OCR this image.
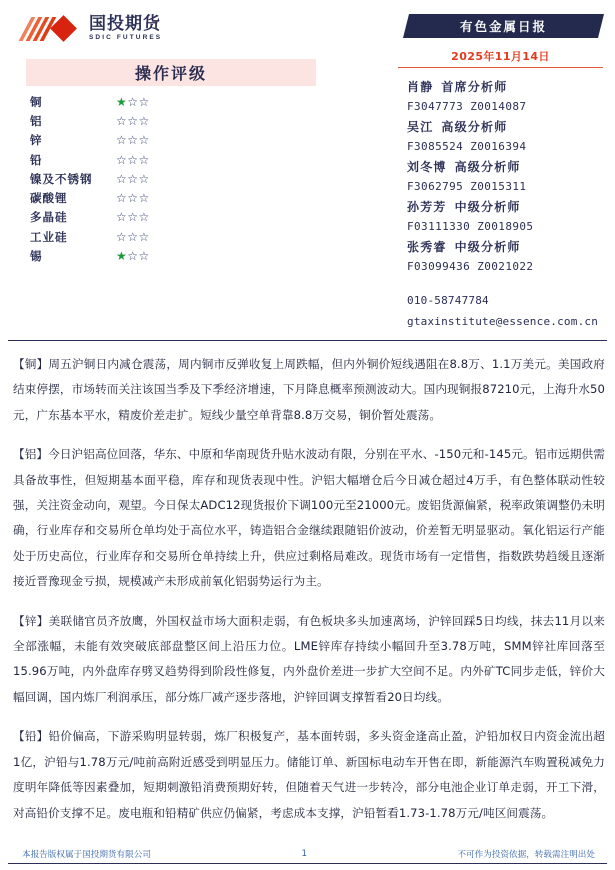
国投期货
SDIC FUTURES
操作评级
铜	★☆☆
铝	☆☆☆
锌	☆☆☆
铅	☆☆☆
镍及不锈钢	☆☆☆
碳酸锂	☆☆☆
多晶硅	☆☆☆
工业硅	☆☆☆
锡	★☆☆
有色金属日报
2025年11月14日
肖静 首席分析师
F3047773 Z0014087
吴江 高级分析师
F3085524 Z0016394
刘冬博 高级分析师
F3062795 Z0015311
孙芳芳 中级分析师
F03111330 Z0018905
张秀睿 中级分析师
F03099436 Z0021022
010-58747784
gtaxinstitute@essence.com.cn

【铜】周五沪铜日内减仓震荡，周内铜市反弹收复上周跌幅，但内外铜价短线遇阻在8.8万、1.1万美元。美国政府结束停摆，市场转而关注该国当季及下季经济增速，下月降息概率预测波动大。国内现铜报87210元，上海升水50元，广东基本平水，精废价差走扩。短线少量空单背靠8.8万交易，铜价暂处震荡。

【铝】今日沪铝高位回落，华东、中原和华南现货升贴水波动有限，分别在平水、-150元和-145元。铝市远期供需具备故事性，但短期基本面平稳，库存和现货表现中性。沪铝大幅增仓后今日减仓超过4万手，有色整体联动性较强，关注资金动向，观望。今日保太ADC12现货报价下调100元至21000元。废铝货源偏紧，税率政策调整仍未明确，行业库存和交易所仓单均处于高位水平，铸造铝合金继续跟随铝价波动，价差暂无明显驱动。氧化铝运行产能处于历史高位，行业库存和交易所仓单持续上升，供应过剩格局难改。现货市场有一定惜售，指数跌势趋缓且逐渐接近晋豫现金亏损，规模减产未形成前氧化铝弱势运行为主。

【锌】美联储官员齐放鹰，外国权益市场大面积走弱，有色板块多头加速离场，沪锌回踩5日均线，抹去11月以来全部涨幅，未能有效突破底部盘整区间上沿压力位。LME锌库存持续小幅回升至3.78万吨，SMM锌社库回落至15.96万吨，内外盘库存劈叉趋势得到阶段性修复，内外盘价差进一步扩大空间不足。内外矿TC同步走低，锌价大幅回调，国内炼厂利润承压，部分炼厂减产逐步落地，沪锌回调支撑暂看20日均线。

【铅】铅价偏高，下游采购明显转弱，炼厂积极复产，基本面转弱，多头资金逢高止盈，沪铅加权日内资金流出超1亿，沪铅与1.78万元/吨前高附近感受到明显压力。储能订单、新国标电动车开售在即，新能源汽车购置税减免力度明年降低等因素叠加，短期刺激铅消费预期好转，但随着天气进一步转冷，部分电池企业订单走弱，开工下滑，对高铅价支撑不足。废电瓶和铅精矿供应仍偏紧，考虑成本支撑，沪铅暂看1.73-1.78万元/吨区间震荡。

本报告版权属于国投期货有限公司	1	不可作为投资依据，转载需注明出处
